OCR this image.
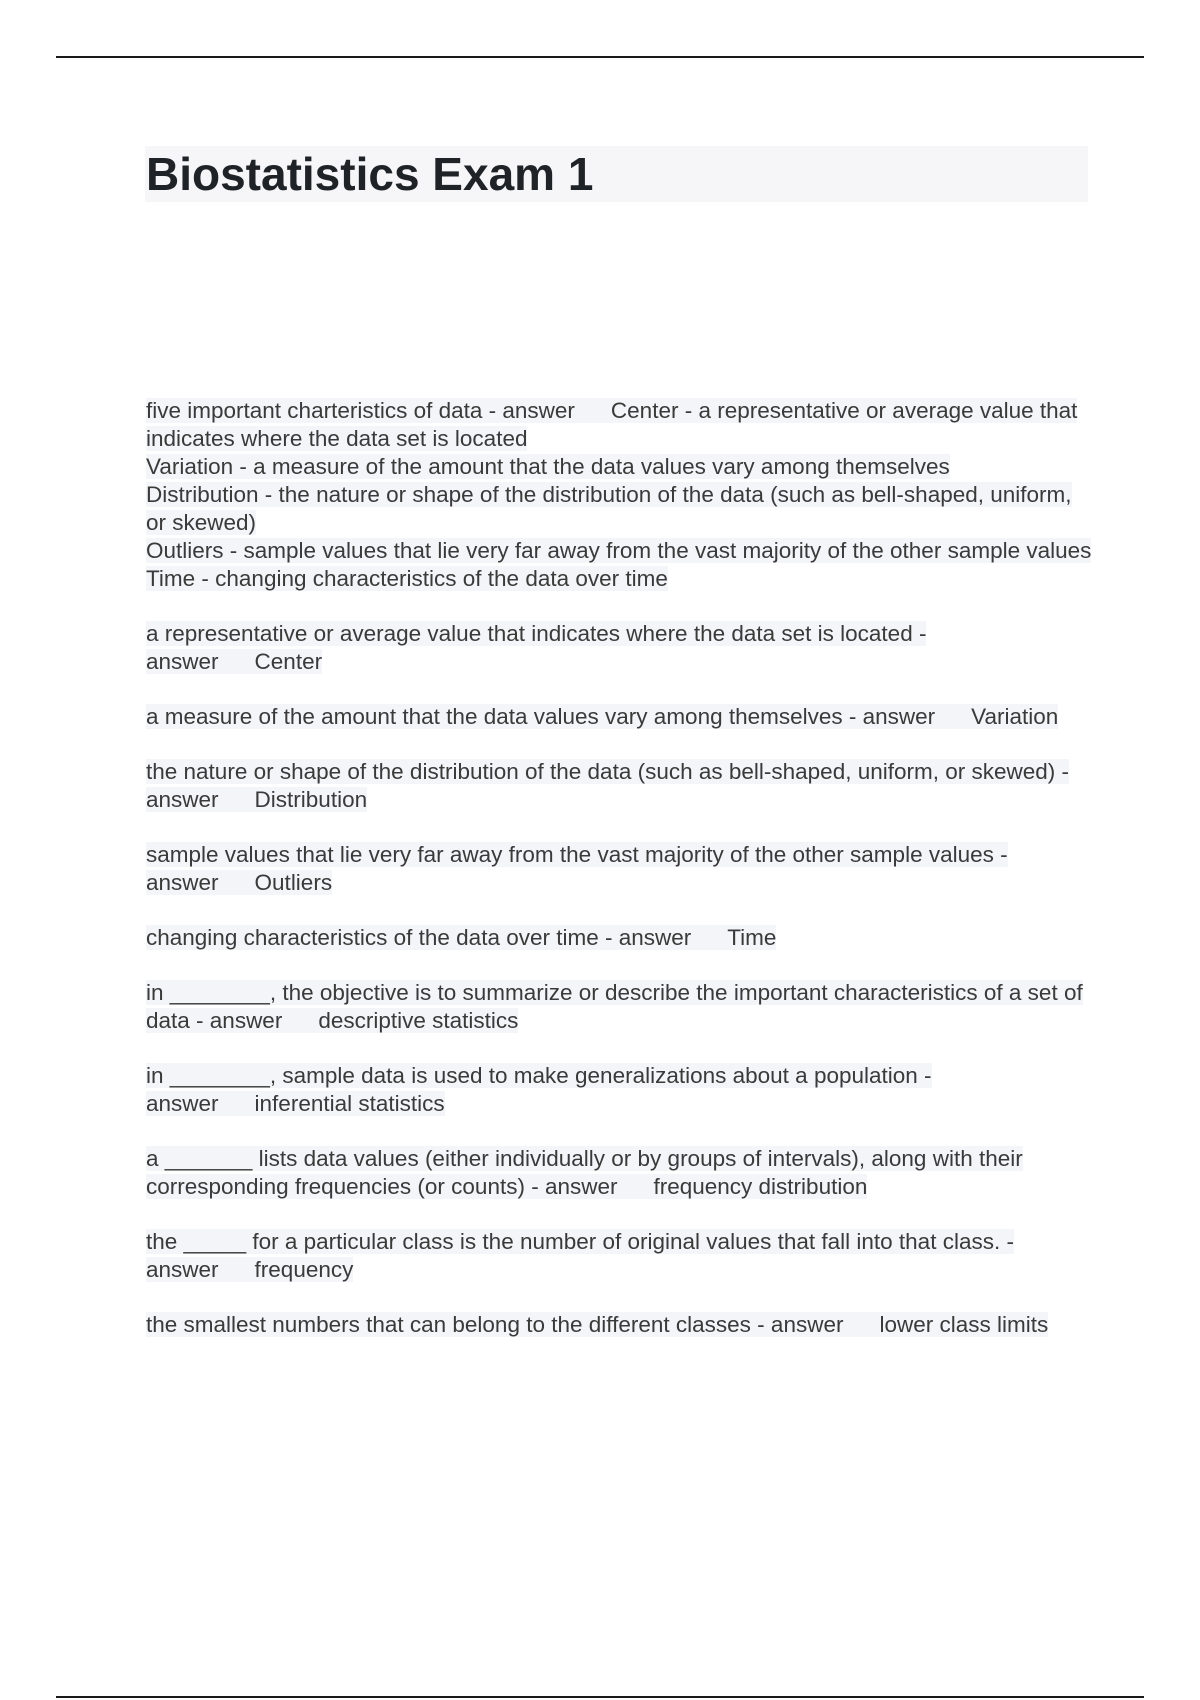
Biostatistics Exam 1

five important charteristics of data - answer Center - a representative or average value that indicates where the data set is located
Variation - a measure of the amount that the data values vary among themselves
Distribution - the nature or shape of the distribution of the data (such as bell-shaped, uniform, or skewed)
Outliers - sample values that lie very far away from the vast majority of the other sample values
Time - changing characteristics of the data over time

a representative or average value that indicates where the data set is located - answer Center

a measure of the amount that the data values vary among themselves - answer Variation

the nature or shape of the distribution of the data (such as bell-shaped, uniform, or skewed) - answer Distribution

sample values that lie very far away from the vast majority of the other sample values - answer Outliers

changing characteristics of the data over time - answer Time

in ________, the objective is to summarize or describe the important characteristics of a set of data - answer descriptive statistics

in ________, sample data is used to make generalizations about a population - answer inferential statistics

a _______ lists data values (either individually or by groups of intervals), along with their corresponding frequencies (or counts) - answer frequency distribution

the _____ for a particular class is the number of original values that fall into that class. - answer frequency

the smallest numbers that can belong to the different classes - answer lower class limits
